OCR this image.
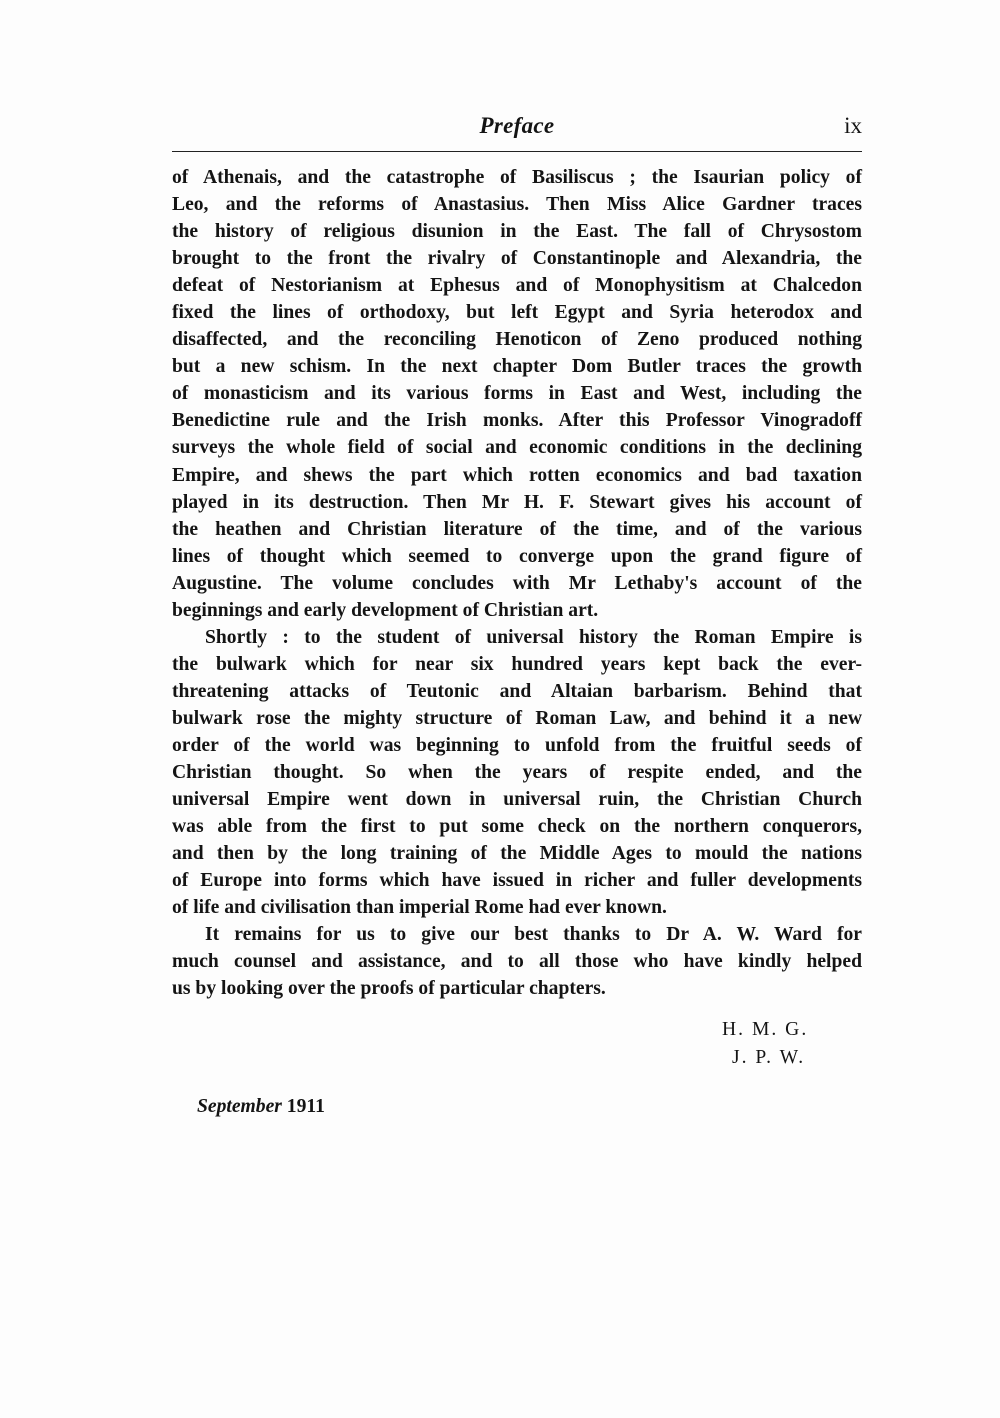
Preface	ix
of Athenais, and the catastrophe of Basiliscus ; the Isaurian policy of
Leo, and the reforms of Anastasius. Then Miss Alice Gardner traces
the history of religious disunion in the East. The fall of Chrysostom
brought to the front the rivalry of Constantinople and Alexandria, the
defeat of Nestorianism at Ephesus and of Monophysitism at Chalcedon
fixed the lines of orthodoxy, but left Egypt and Syria heterodox and
disaffected, and the reconciling Henoticon of Zeno produced nothing
but a new schism. In the next chapter Dom Butler traces the growth
of monasticism and its various forms in East and West, including the
Benedictine rule and the Irish monks. After this Professor Vinogradoff
surveys the whole field of social and economic conditions in the declining
Empire, and shews the part which rotten economics and bad taxation
played in its destruction. Then Mr H. F. Stewart gives his account of
the heathen and Christian literature of the time, and of the various
lines of thought which seemed to converge upon the grand figure of
Augustine. The volume concludes with Mr Lethaby's account of the
beginnings and early development of Christian art.
Shortly : to the student of universal history the Roman Empire is
the bulwark which for near six hundred years kept back the ever-
threatening attacks of Teutonic and Altaian barbarism. Behind that
bulwark rose the mighty structure of Roman Law, and behind it a new
order of the world was beginning to unfold from the fruitful seeds of
Christian thought. So when the years of respite ended, and the
universal Empire went down in universal ruin, the Christian Church
was able from the first to put some check on the northern conquerors,
and then by the long training of the Middle Ages to mould the nations
of Europe into forms which have issued in richer and fuller developments
of life and civilisation than imperial Rome had ever known.
It remains for us to give our best thanks to Dr A. W. Ward for
much counsel and assistance, and to all those who have kindly helped
us by looking over the proofs of particular chapters.
H. M. G.
J. P. W.
September 1911
